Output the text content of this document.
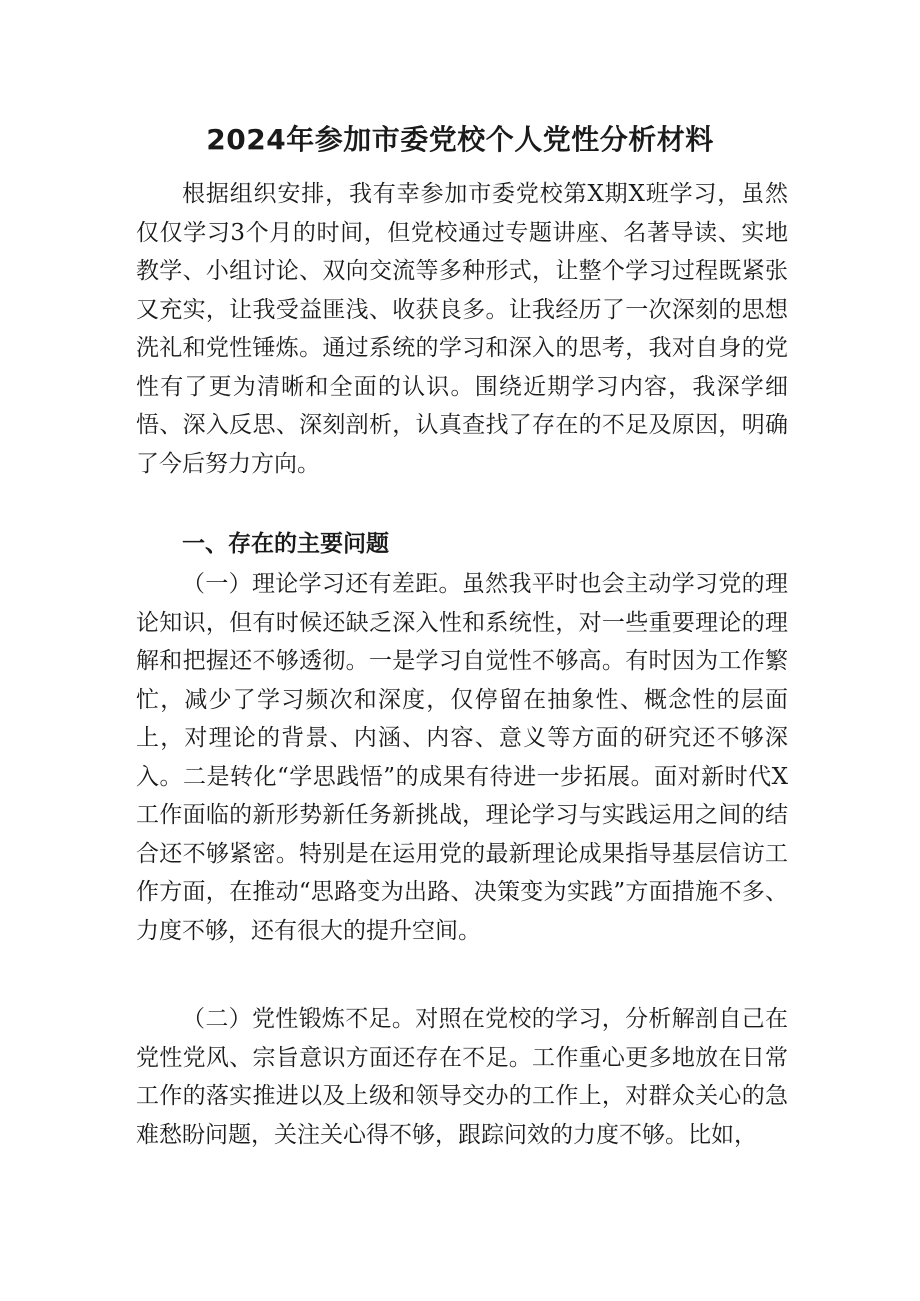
2024年参加市委党校个人党性分析材料

根据组织安排，我有幸参加市委党校第X期X班学习，虽然仅仅学习3个月的时间，但党校通过专题讲座、名著导读、实地教学、小组讨论、双向交流等多种形式，让整个学习过程既紧张又充实，让我受益匪浅、收获良多。让我经历了一次深刻的思想洗礼和党性锤炼。通过系统的学习和深入的思考，我对自身的党性有了更为清晰和全面的认识。围绕近期学习内容，我深学细悟、深入反思、深刻剖析，认真查找了存在的不足及原因，明确了今后努力方向。

一、存在的主要问题

（一）理论学习还有差距。虽然我平时也会主动学习党的理论知识，但有时候还缺乏深入性和系统性，对一些重要理论的理解和把握还不够透彻。一是学习自觉性不够高。有时因为工作繁忙，减少了学习频次和深度，仅停留在抽象性、概念性的层面上，对理论的背景、内涵、内容、意义等方面的研究还不够深入。二是转化“学思践悟”的成果有待进一步拓展。面对新时代X工作面临的新形势新任务新挑战，理论学习与实践运用之间的结合还不够紧密。特别是在运用党的最新理论成果指导基层信访工作方面，在推动“思路变为出路、决策变为实践”方面措施不多、力度不够，还有很大的提升空间。

（二）党性锻炼不足。对照在党校的学习，分析解剖自己在党性党风、宗旨意识方面还存在不足。工作重心更多地放在日常工作的落实推进以及上级和领导交办的工作上，对群众关心的急难愁盼问题，关注关心得不够，跟踪问效的力度不够。比如，
